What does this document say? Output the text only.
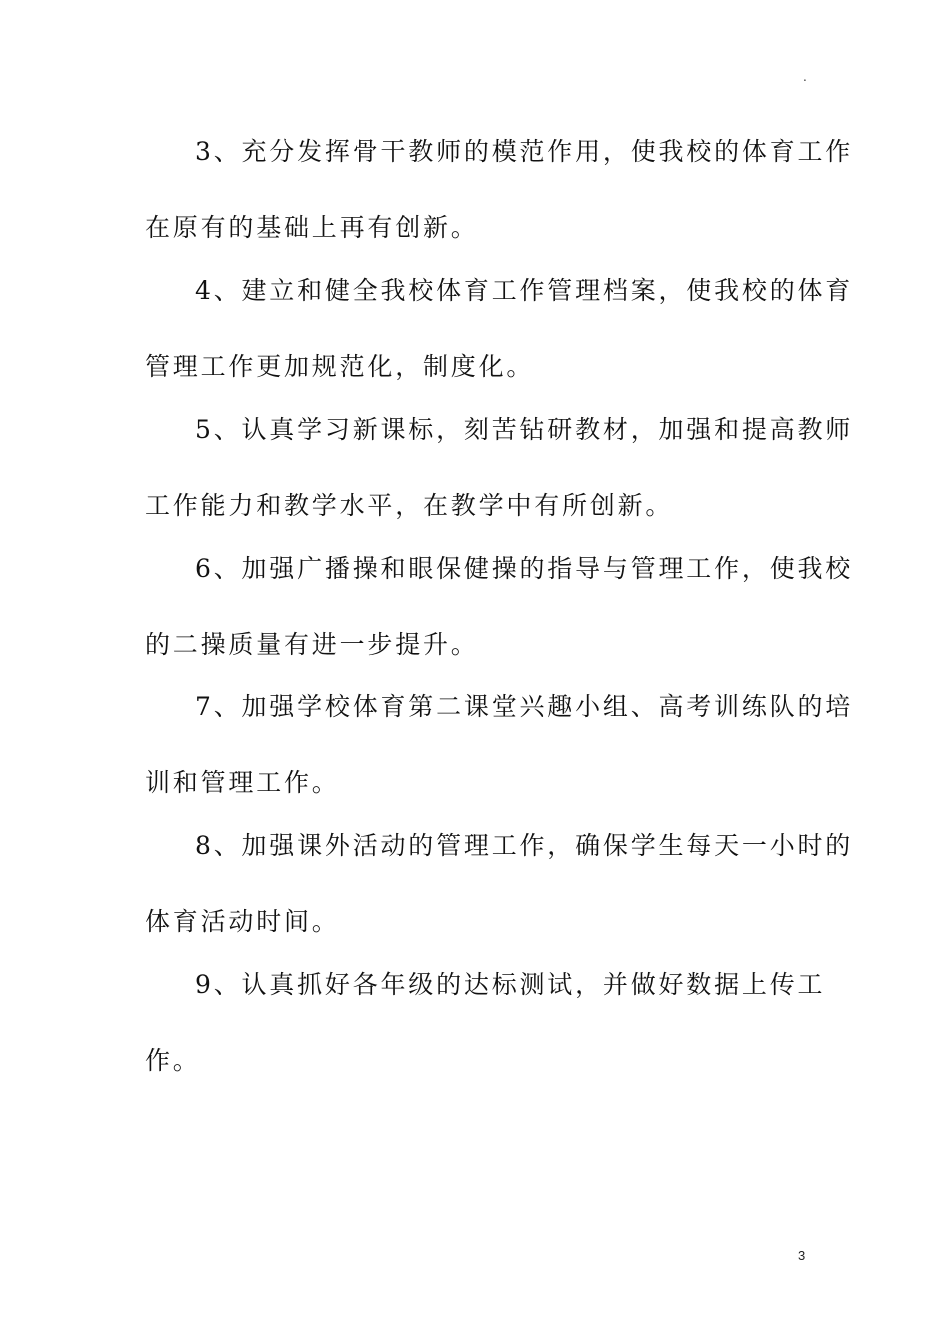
.
3、充分发挥骨干教师的模范作用，使我校的体育工作
在原有的基础上再有创新。
4、建立和健全我校体育工作管理档案，使我校的体育
管理工作更加规范化，制度化。
5、认真学习新课标，刻苦钻研教材，加强和提高教师
工作能力和教学水平，在教学中有所创新。
6、加强广播操和眼保健操的指导与管理工作，使我校
的二操质量有进一步提升。
7、加强学校体育第二课堂兴趣小组、高考训练队的培
训和管理工作。
8、加强课外活动的管理工作，确保学生每天一小时的
体育活动时间。
9、认真抓好各年级的达标测试，并做好数据上传工
作。
3
